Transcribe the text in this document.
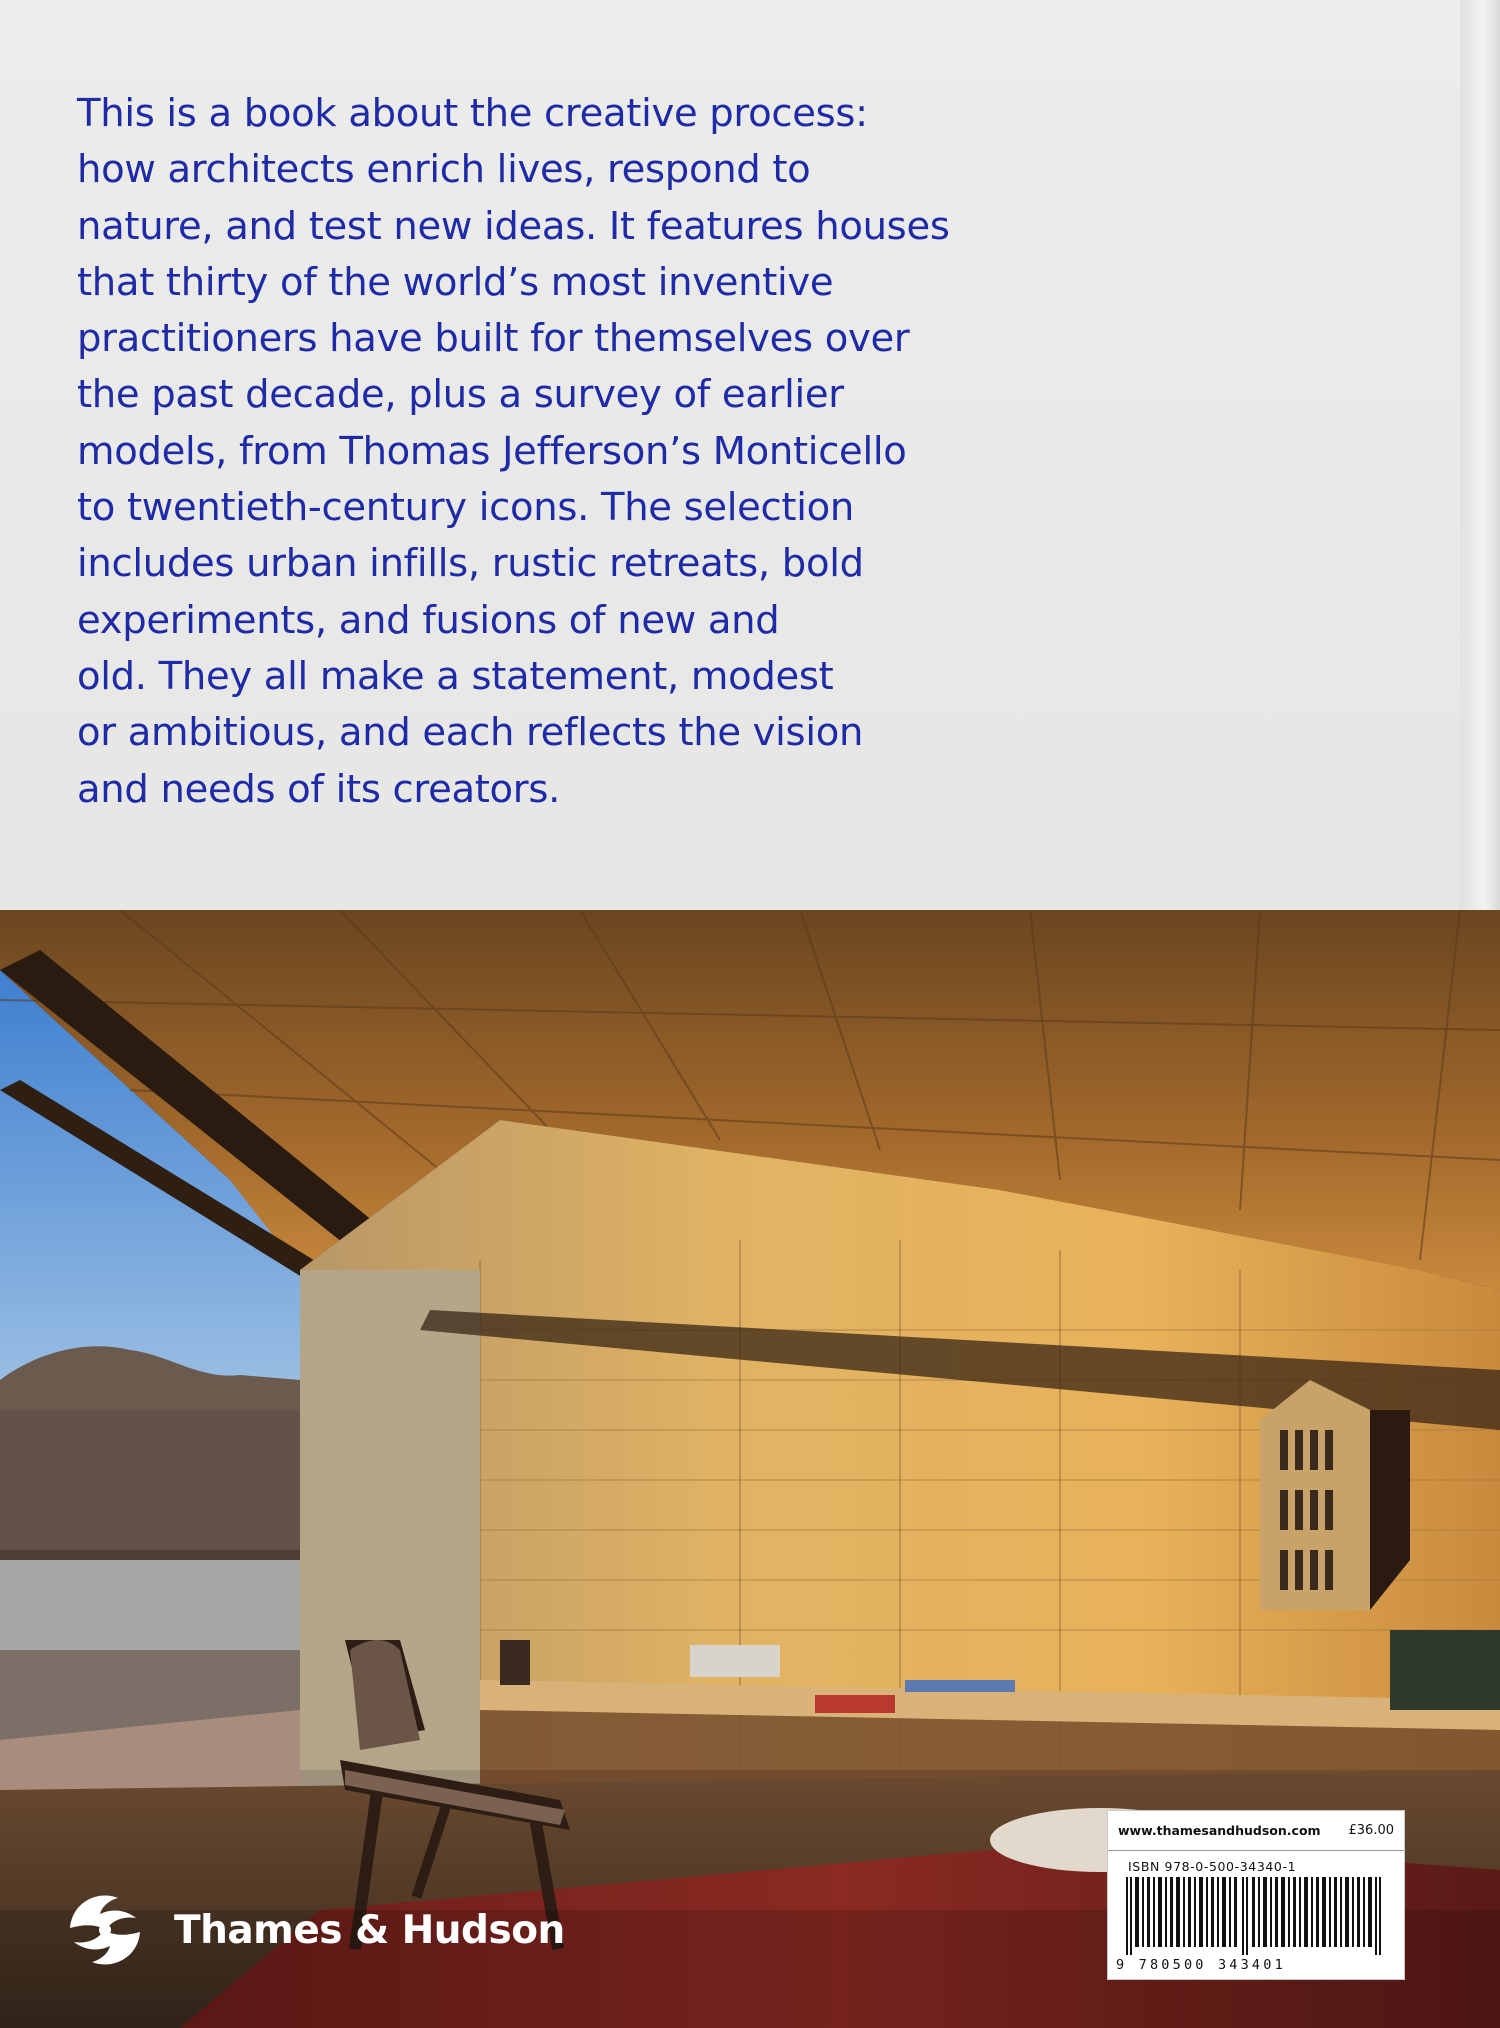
This is a book about the creative process:
how architects enrich lives, respond to
nature, and test new ideas. It features houses
that thirty of the world’s most inventive
practitioners have built for themselves over
the past decade, plus a survey of earlier
models, from Thomas Jefferson’s Monticello
to twentieth-century icons. The selection
includes urban infills, rustic retreats, bold
experiments, and fusions of new and
old. They all make a statement, modest
or ambitious, and each reflects the vision
and needs of its creators.
Thames & Hudson
www.thamesandhudson.com £36.00
ISBN 978-0-500-34340-1
9 780500 343401
